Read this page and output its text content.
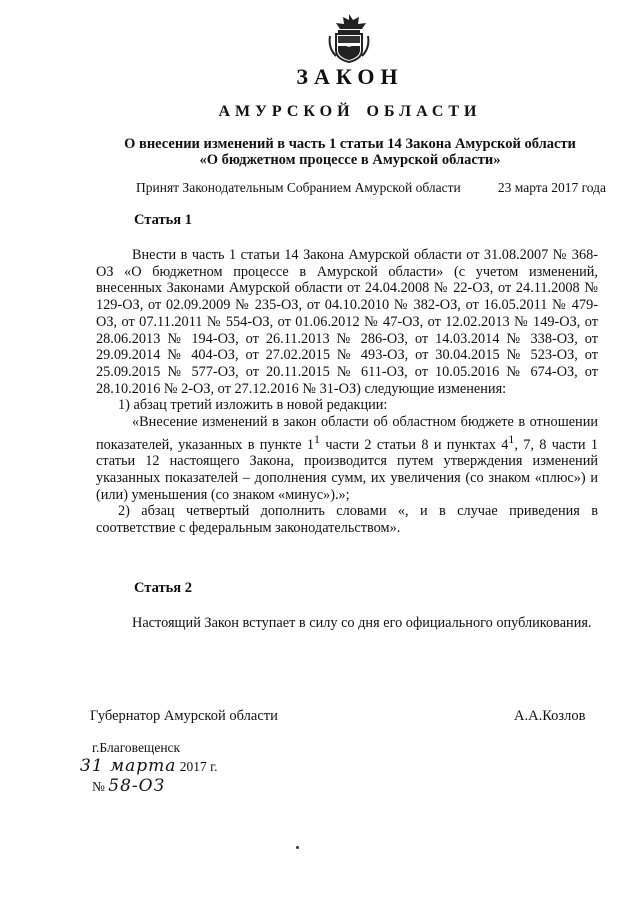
ЗАКОН
АМУРСКОЙ ОБЛАСТИ
О внесении изменений в часть 1 статьи 14 Закона Амурской области
«О бюджетном процессе в Амурской области»
Принят Законодательным Собранием Амурской области	23 марта 2017 года
Статья 1

Внести в часть 1 статьи 14 Закона Амурской области от 31.08.2007 № 368-ОЗ «О бюджетном процессе в Амурской области» (с учетом изменений, внесенных Законами Амурской области от 24.04.2008 № 22-ОЗ, от 24.11.2008 № 129-ОЗ, от 02.09.2009 № 235-ОЗ, от 04.10.2010 № 382-ОЗ, от 16.05.2011 № 479-ОЗ, от 07.11.2011 № 554-ОЗ, от 01.06.2012 № 47-ОЗ, от 12.02.2013 № 149-ОЗ, от 28.06.2013 № 194-ОЗ, от 26.11.2013 № 286-ОЗ, от 14.03.2014 № 338-ОЗ, от 29.09.2014 № 404-ОЗ, от 27.02.2015 № 493-ОЗ, от 30.04.2015 № 523-ОЗ, от 25.09.2015 № 577-ОЗ, от 20.11.2015 № 611-ОЗ, от 10.05.2016 № 674-ОЗ, от 28.10.2016 № 2-ОЗ, от 27.12.2016 № 31-ОЗ) следующие изменения:

1) абзац третий изложить в новой редакции:

«Внесение изменений в закон области об областном бюджете в отношении показателей, указанных в пункте $1^1$ части 2 статьи 8 и пунктах $4^1$, 7, 8 части 1 статьи 12 настоящего Закона, производится путем утверждения изменений указанных показателей – дополнения сумм, их увеличения (со знаком «плюс») и (или) уменьшения (со знаком «минус»).»;

2) абзац четвертый дополнить словами «, и в случае приведения в соответствие с федеральным законодательством».

Статья 2

Настоящий Закон вступает в силу со дня его официального опубликования.

Губернатор Амурской области	А.А.Козлов
г.Благовещенск
31 марта 2017 г.
№ 58-ОЗ
